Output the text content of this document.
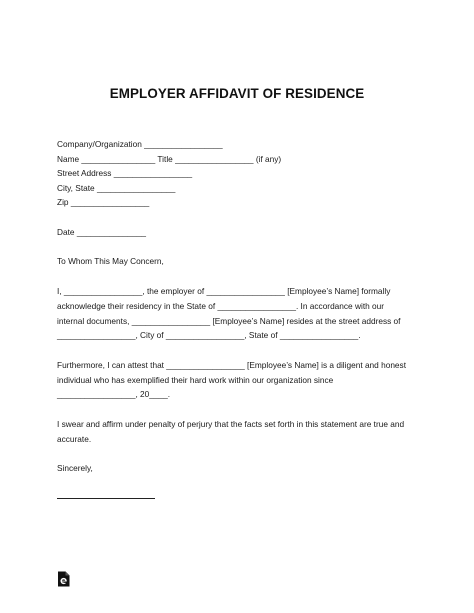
EMPLOYER AFFIDAVIT OF RESIDENCE
Company/Organization _________________
Name ________________ Title _________________ (if any)
Street Address _________________
City, State _________________
Zip _________________
Date _______________
To Whom This May Concern,
I, _________________, the employer of _________________ [Employee’s Name] formally
acknowledge their residency in the State of _________________. In accordance with our
internal documents, _________________ [Employee’s Name] resides at the street address of
_________________, City of _________________, State of _________________.
Furthermore, I can attest that _________________ [Employee’s Name] is a diligent and honest
individual who has exemplified their hard work within our organization since
_________________, 20____.
I swear and affirm under penalty of perjury that the facts set forth in this statement are true and
accurate.
Sincerely,
